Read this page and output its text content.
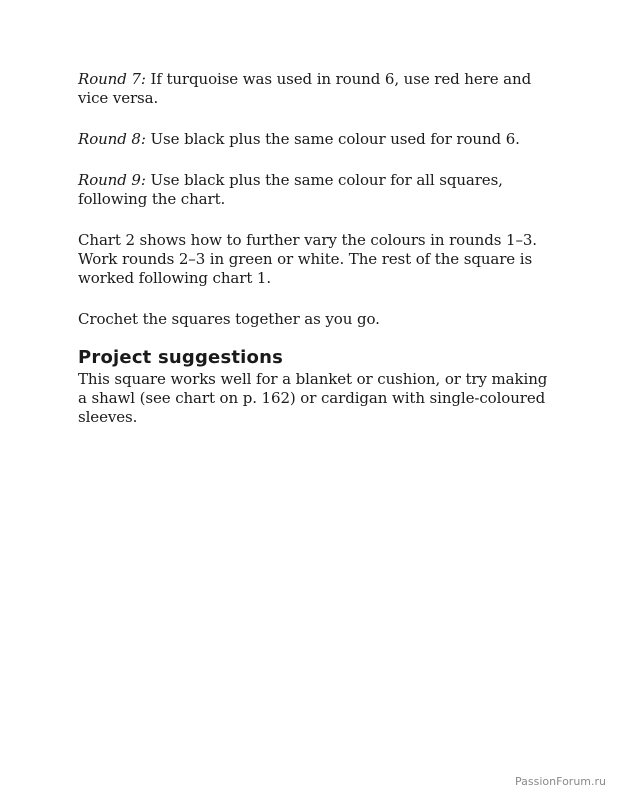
Round 7: If turquoise was used in round 6, use red here and vice versa.

Round 8: Use black plus the same colour used for round 6.

Round 9: Use black plus the same colour for all squares, following the chart.

Chart 2 shows how to further vary the colours in rounds 1–3. Work rounds 2–3 in green or white. The rest of the square is worked following chart 1.

Crochet the squares together as you go.

Project suggestions

This square works well for a blanket or cushion, or try making a shawl (see chart on p. 162) or cardigan with single-coloured sleeves.

PassionForum.ru
